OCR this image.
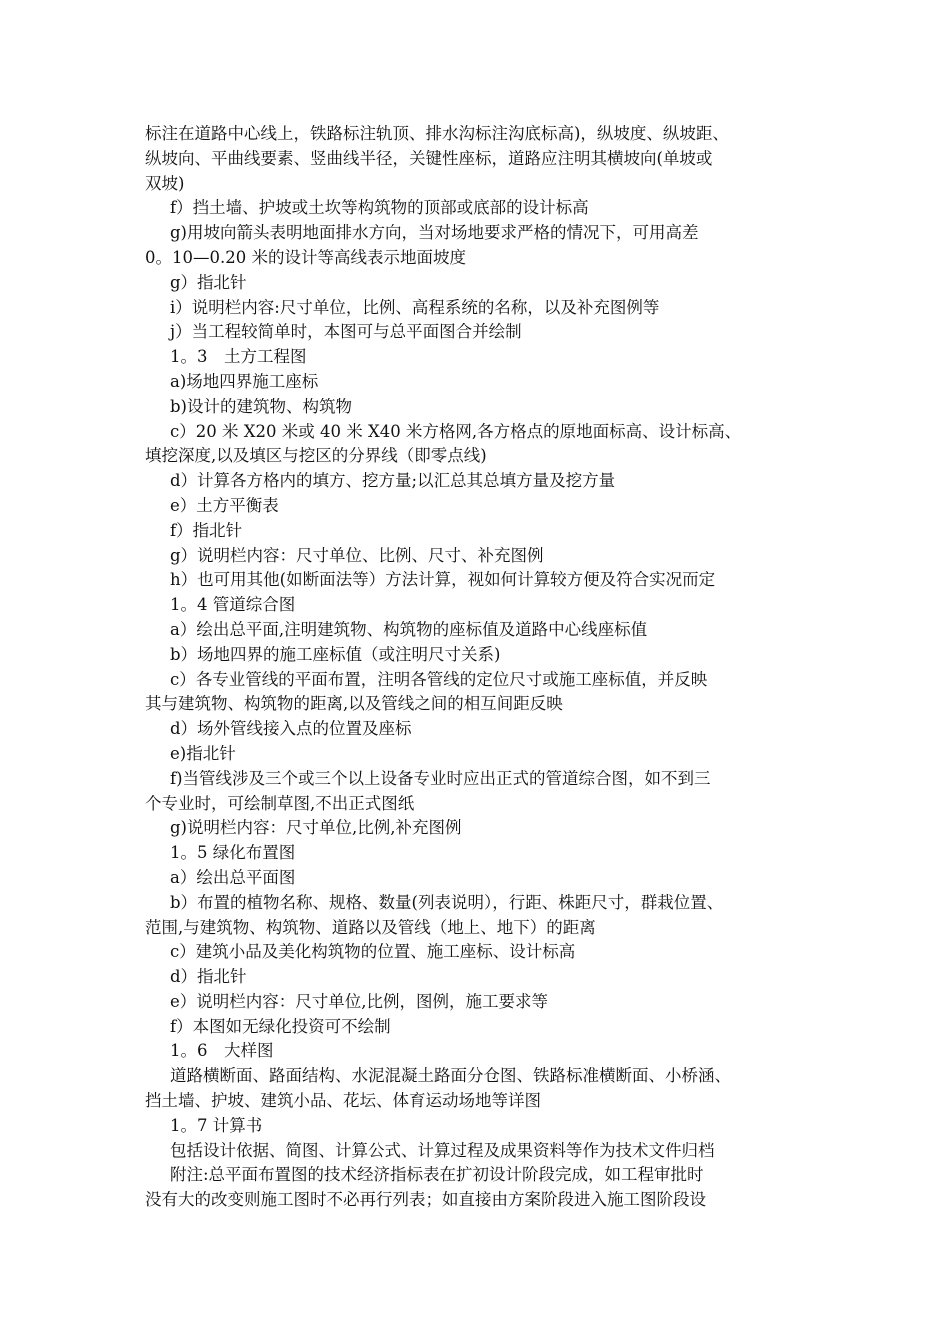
标注在道路中心线上，铁路标注轨顶、排水沟标注沟底标高)，纵坡度、纵坡距、
纵坡向、平曲线要素、竖曲线半径，关键性座标，道路应注明其横坡向(单坡或
双坡)
f）挡土墙、护坡或土坎等构筑物的顶部或底部的设计标高
g)用坡向箭头表明地面排水方向，当对场地要求严格的情况下，可用高差
0。10—0.20 米的设计等高线表示地面坡度
g）指北针
i）说明栏内容:尺寸单位，比例、高程系统的名称，以及补充图例等
j）当工程较简单时，本图可与总平面图合并绘制
1。3　土方工程图
a)场地四界施工座标
b)设计的建筑物、构筑物
c）20 米 X20 米或 40 米 X40 米方格网,各方格点的原地面标高、设计标高、
填挖深度,以及填区与挖区的分界线（即零点线)
d）计算各方格内的填方、挖方量;以汇总其总填方量及挖方量
e）土方平衡表
f）指北针
g）说明栏内容：尺寸单位、比例、尺寸、补充图例
h）也可用其他(如断面法等）方法计算，视如何计算较方便及符合实况而定
1。4 管道综合图
a）绘出总平面,注明建筑物、构筑物的座标值及道路中心线座标值
b）场地四界的施工座标值（或注明尺寸关系)
c）各专业管线的平面布置，注明各管线的定位尺寸或施工座标值，并反映
其与建筑物、构筑物的距离,以及管线之间的相互间距反映
d）场外管线接入点的位置及座标
e)指北针
f)当管线涉及三个或三个以上设备专业时应出正式的管道综合图，如不到三
个专业时，可绘制草图,不出正式图纸
g)说明栏内容：尺寸单位,比例,补充图例
1。5 绿化布置图
a）绘出总平面图
b）布置的植物名称、规格、数量(列表说明），行距、株距尺寸，群栽位置、
范围,与建筑物、构筑物、道路以及管线（地上、地下）的距离
c）建筑小品及美化构筑物的位置、施工座标、设计标高
d）指北针
e）说明栏内容：尺寸单位,比例，图例，施工要求等
f）本图如无绿化投资可不绘制
1。6　大样图
道路横断面、路面结构、水泥混凝土路面分仓图、铁路标准横断面、小桥涵、
挡土墙、护坡、建筑小品、花坛、体育运动场地等详图
1。7 计算书
包括设计依据、简图、计算公式、计算过程及成果资料等作为技术文件归档
附注:总平面布置图的技术经济指标表在扩初设计阶段完成，如工程审批时
没有大的改变则施工图时不必再行列表；如直接由方案阶段进入施工图阶段设
